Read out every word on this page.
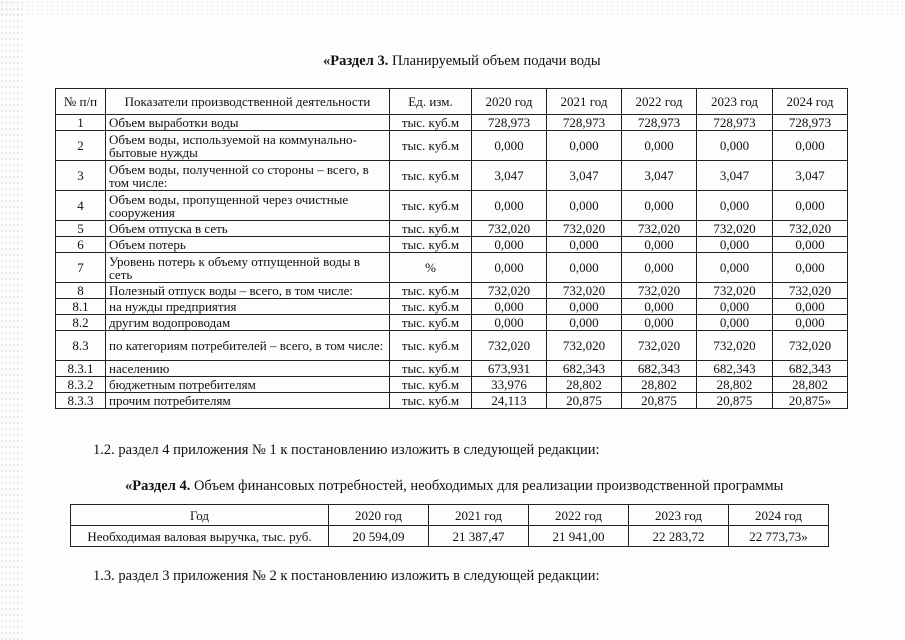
«Раздел 3. Планируемый объем подачи воды
№ п/п	Показатели производственной деятельности	Ед. изм.	2020 год	2021 год	2022 год	2023 год	2024 год
1	Объем выработки воды	тыс. куб.м	728,973	728,973	728,973	728,973	728,973
2	Объем воды, используемой на коммунально-бытовые нужды	тыс. куб.м	0,000	0,000	0,000	0,000	0,000
3	Объем воды, полученной со стороны – всего, в том числе:	тыс. куб.м	3,047	3,047	3,047	3,047	3,047
4	Объем воды, пропущенной через очистные сооружения	тыс. куб.м	0,000	0,000	0,000	0,000	0,000
5	Объем отпуска в сеть	тыс. куб.м	732,020	732,020	732,020	732,020	732,020
6	Объем потерь	тыс. куб.м	0,000	0,000	0,000	0,000	0,000
7	Уровень потерь к объему отпущенной воды в сеть	%	0,000	0,000	0,000	0,000	0,000
8	Полезный отпуск воды – всего, в том числе:	тыс. куб.м	732,020	732,020	732,020	732,020	732,020
8.1	на нужды предприятия	тыс. куб.м	0,000	0,000	0,000	0,000	0,000
8.2	другим водопроводам	тыс. куб.м	0,000	0,000	0,000	0,000	0,000
8.3	по категориям потребителей – всего, в том числе:	тыс. куб.м	732,020	732,020	732,020	732,020	732,020
8.3.1	населению	тыс. куб.м	673,931	682,343	682,343	682,343	682,343
8.3.2	бюджетным потребителям	тыс. куб.м	33,976	28,802	28,802	28,802	28,802
8.3.3	прочим потребителям	тыс. куб.м	24,113	20,875	20,875	20,875	20,875»
1.2. раздел 4 приложения № 1 к постановлению изложить в следующей редакции:
«Раздел 4. Объем финансовых потребностей, необходимых для реализации производственной программы
Год	2020 год	2021 год	2022 год	2023 год	2024 год
Необходимая валовая выручка, тыс. руб.	20 594,09	21 387,47	21 941,00	22 283,72	22 773,73»
1.3. раздел 3 приложения № 2 к постановлению изложить в следующей редакции:
